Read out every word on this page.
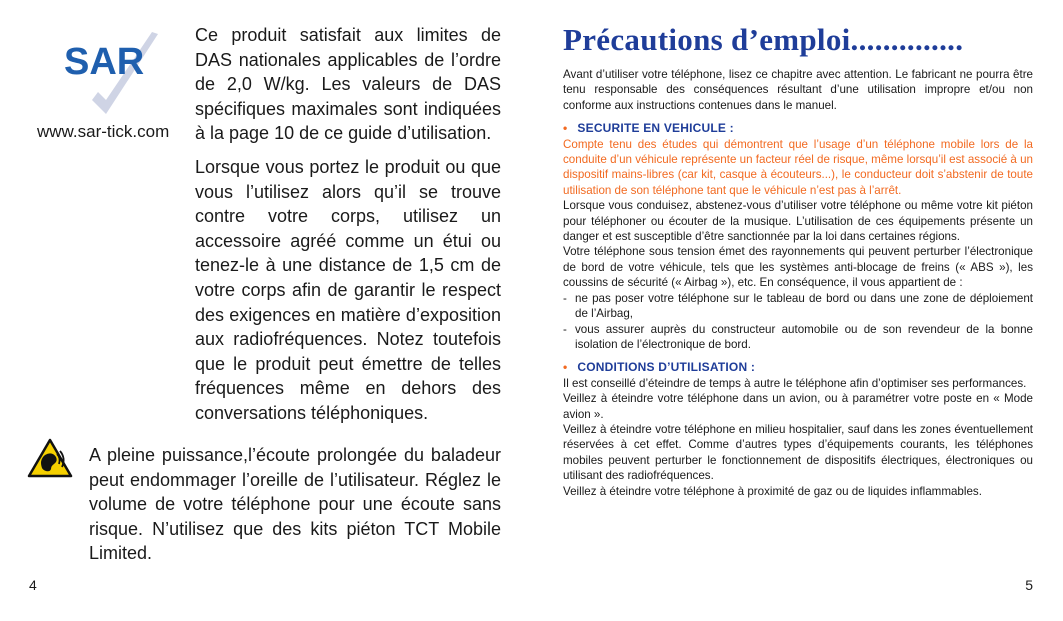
SAR
www.sar-tick.com

Ce produit satisfait aux limites de DAS nationales applicables de l’ordre de 2,0 W/kg. Les valeurs de DAS spécifiques maximales sont indiquées à la page 10 de ce guide d’utilisation.

Lorsque vous portez le produit ou que vous l’utilisez alors qu’il se trouve contre votre corps, utilisez un accessoire agréé comme un étui ou tenez-le à une distance de 1,5 cm de votre corps afin de garantir le respect des exigences en matière d’exposition aux radiofréquences. Notez toutefois que le produit peut émettre de telles fréquences même en dehors des conversations téléphoniques.

A pleine puissance,l’écoute prolongée du baladeur peut endommager l’oreille de l’utilisateur. Réglez le volume de votre téléphone pour une écoute sans risque. N’utilisez que des kits piéton TCT Mobile Limited.

4
Précautions d’emploi..............

Avant d’utiliser votre téléphone, lisez ce chapitre avec attention. Le fabricant ne pourra être tenu responsable des conséquences résultant d’une utilisation impropre et/ou non conforme aux instructions contenues dans le manuel.

• SECURITE EN VEHICULE :

Compte tenu des études qui démontrent que l’usage d’un téléphone mobile lors de la conduite d’un véhicule représente un facteur réel de risque, même lorsqu’il est associé à un dispositif mains-libres (car kit, casque à écouteurs...), le conducteur doit s’abstenir de toute utilisation de son téléphone tant que le véhicule n’est pas à l’arrêt.

Lorsque vous conduisez, abstenez-vous d’utiliser votre téléphone ou même votre kit piéton pour téléphoner ou écouter de la musique. L’utilisation de ces équipements présente un danger et est susceptible d’être sanctionnée par la loi dans certaines régions.

Votre téléphone sous tension émet des rayonnements qui peuvent perturber l’électronique de bord de votre véhicule, tels que les systèmes anti-blocage de freins (« ABS »), les coussins de sécurité (« Airbag »), etc. En conséquence, il vous appartient de :

- ne pas poser votre téléphone sur le tableau de bord ou dans une zone de déploiement de l’Airbag,
- vous assurer auprès du constructeur automobile ou de son revendeur de la bonne isolation de l’électronique de bord.

• CONDITIONS D’UTILISATION :

Il est conseillé d’éteindre de temps à autre le téléphone afin d’optimiser ses performances.

Veillez à éteindre votre téléphone dans un avion, ou à paramétrer votre poste en « Mode avion ».

Veillez à éteindre votre téléphone en milieu hospitalier, sauf dans les zones éventuellement réservées à cet effet. Comme d’autres types d’équipements courants, les téléphones mobiles peuvent perturber le fonctionnement de dispositifs électriques, électroniques ou utilisant des radiofréquences.

Veillez à éteindre votre téléphone à proximité de gaz ou de liquides inflammables.

5
